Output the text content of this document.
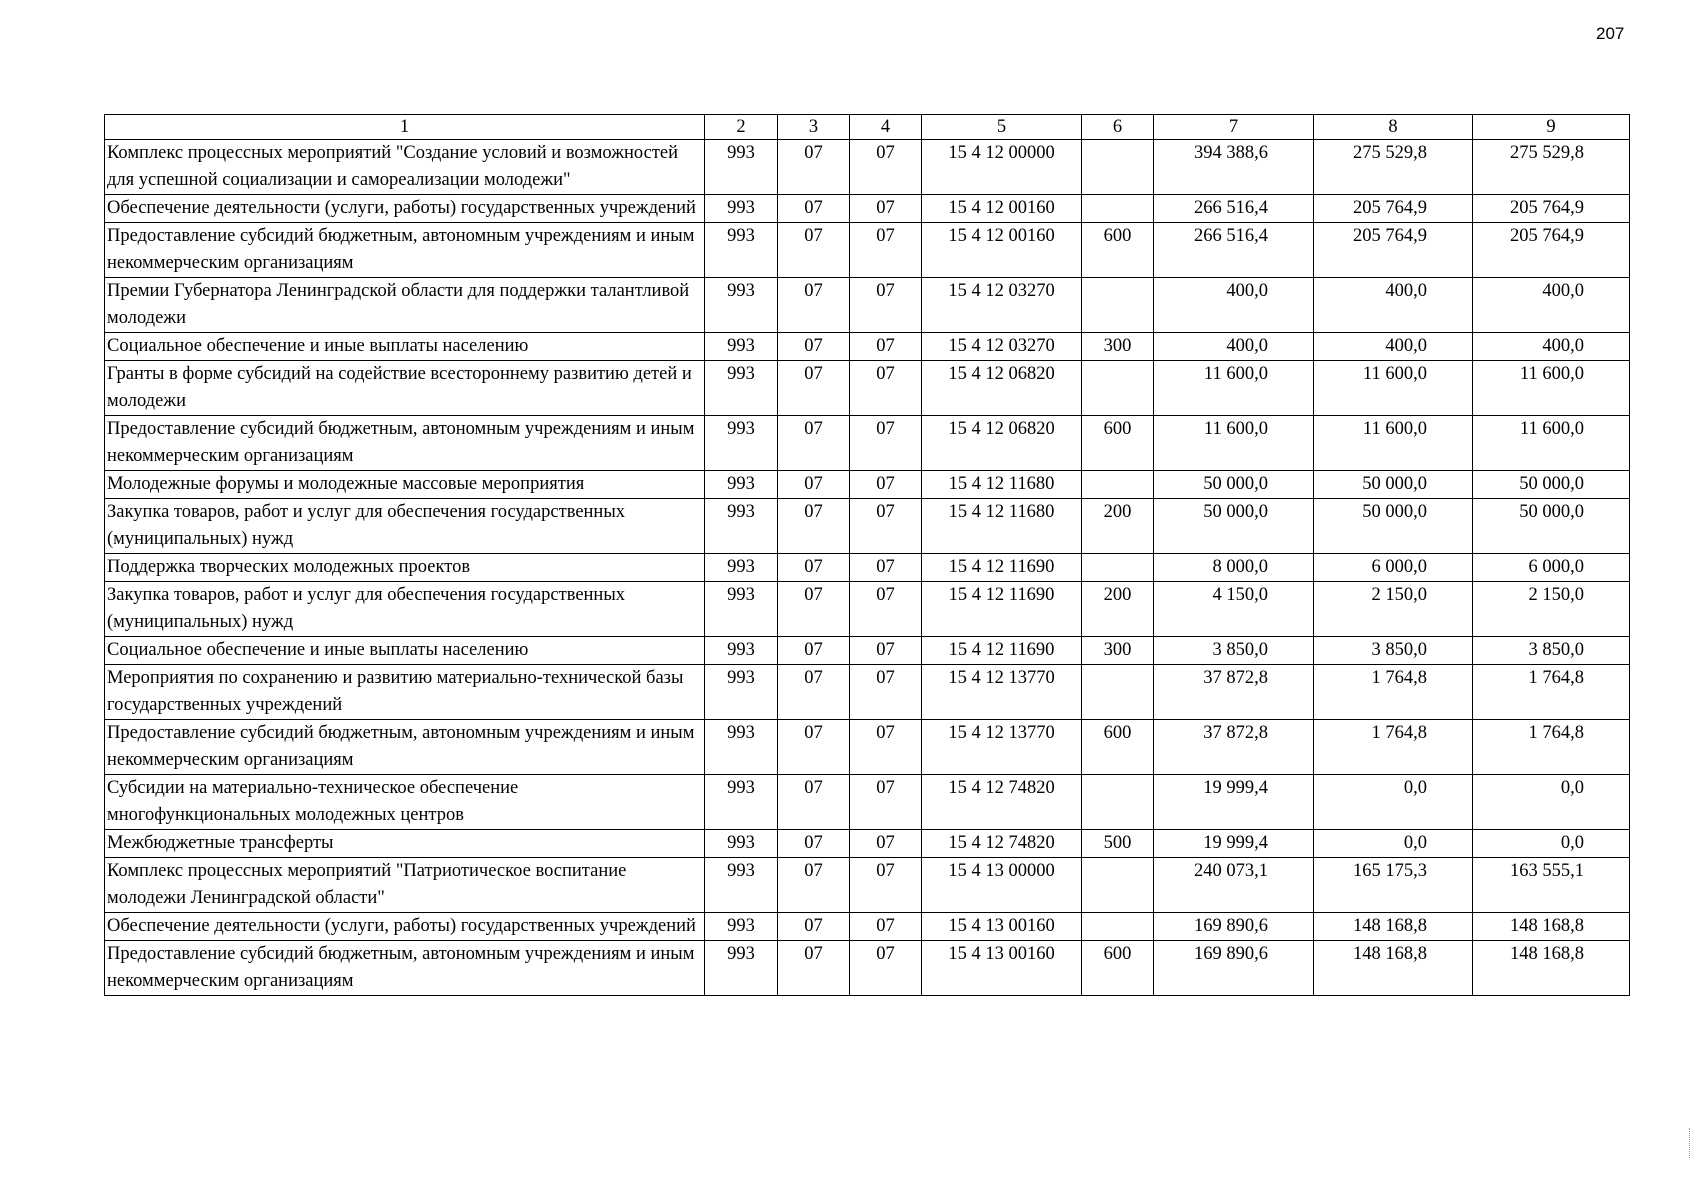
207
1	2	3	4	5	6	7	8	9
Комплекс процессных мероприятий "Создание условий и возможностей для успешной социализации и самореализации молодежи"	993	07	07	15 4 12 00000		394 388,6	275 529,8	275 529,8
Обеспечение деятельности (услуги, работы) государственных учреждений	993	07	07	15 4 12 00160		266 516,4	205 764,9	205 764,9
Предоставление субсидий бюджетным, автономным учреждениям и иным некоммерческим организациям	993	07	07	15 4 12 00160	600	266 516,4	205 764,9	205 764,9
Премии Губернатора Ленинградской области для поддержки талантливой молодежи	993	07	07	15 4 12 03270		400,0	400,0	400,0
Социальное обеспечение и иные выплаты населению	993	07	07	15 4 12 03270	300	400,0	400,0	400,0
Гранты в форме субсидий на содействие всестороннему развитию детей и молодежи	993	07	07	15 4 12 06820		11 600,0	11 600,0	11 600,0
Предоставление субсидий бюджетным, автономным учреждениям и иным некоммерческим организациям	993	07	07	15 4 12 06820	600	11 600,0	11 600,0	11 600,0
Молодежные форумы и молодежные массовые мероприятия	993	07	07	15 4 12 11680		50 000,0	50 000,0	50 000,0
Закупка товаров, работ и услуг для обеспечения государственных (муниципальных) нужд	993	07	07	15 4 12 11680	200	50 000,0	50 000,0	50 000,0
Поддержка творческих молодежных проектов	993	07	07	15 4 12 11690		8 000,0	6 000,0	6 000,0
Закупка товаров, работ и услуг для обеспечения государственных (муниципальных) нужд	993	07	07	15 4 12 11690	200	4 150,0	2 150,0	2 150,0
Социальное обеспечение и иные выплаты населению	993	07	07	15 4 12 11690	300	3 850,0	3 850,0	3 850,0
Мероприятия по сохранению и развитию материально-технической базы государственных учреждений	993	07	07	15 4 12 13770		37 872,8	1 764,8	1 764,8
Предоставление субсидий бюджетным, автономным учреждениям и иным некоммерческим организациям	993	07	07	15 4 12 13770	600	37 872,8	1 764,8	1 764,8
Субсидии на материально-техническое обеспечение многофункциональных молодежных центров	993	07	07	15 4 12 74820		19 999,4	0,0	0,0
Межбюджетные трансферты	993	07	07	15 4 12 74820	500	19 999,4	0,0	0,0
Комплекс процессных мероприятий "Патриотическое воспитание молодежи Ленинградской области"	993	07	07	15 4 13 00000		240 073,1	165 175,3	163 555,1
Обеспечение деятельности (услуги, работы) государственных учреждений	993	07	07	15 4 13 00160		169 890,6	148 168,8	148 168,8
Предоставление субсидий бюджетным, автономным учреждениям и иным некоммерческим организациям	993	07	07	15 4 13 00160	600	169 890,6	148 168,8	148 168,8
